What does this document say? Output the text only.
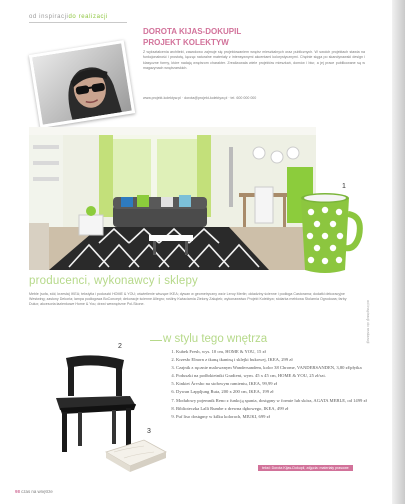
od inspiracjido realizacji
DOROTA KIJAS-DOKUPIL
PROJEKT KOLEKTYW
Z wykształcenia architekt, zawodowo zajmuje się projektowaniem wnętrz mieszkalnych oraz publicznych. W swoich projektach stawia na funkcjonalność i prostotę, łącząc naturalne materiały z intensywnymi akcentami kolorystycznymi. Chętnie sięga po skandynawski design i klasyczne formy, które nadają wnętrzom charakter. Zrealizowała wiele projektów mieszkań, domów i biur, a jej prace publikowane są w magazynach wnętrzarskich.
www.projekt-kolektyw.pl · dorota@projekt-kolektyw.pl · tel. 600 000 000
1
producenci, wykonawcy i sklepy
Meble (sofa, stół, krzesła) IKEA; tekstylia i poduszki HOME & YOU; oświetlenie wiszące IKEA; dywan w geometryczny wzór Leroy Merlin; okładziny ścienne i podłoga Castorama; dodatki dekoracyjne Westwing; zasłony Dekoria; lampa podłogowa BoConcept; dekoracje ścienne Allegro; rośliny Kwiaciarnia Zielony Zakątek; wykonawstwo Projekt Kolektyw; stolarka meblowa Stolarnia Ogrodowa; farby Dulux; akcesoria łazienkowe Home & You; drzwi wewnętrzne Pol-Skone.	od inspiracji do realizacji
w stylu tego wnętrza
1. Kubek Fresh, wys. 10 cm, HOME & YOU, 15 zł
2. Krzesło Elnorn z tkaną tkaniną i sklejki bukowej, IKEA, 299 zł
3. Czajnik z ręcznie malowanym Wandersandem, kolor 38 Chrome, VANDERSANDEN, 3,80 zł/płytka
4. Poduszki na podłokietniki Gradient, wym. 45 x 45 cm, HOME & YOU, 25 zł/szt.
5. Kinkiet Ärvsbo na stołowym ramieniu, IKEA, 99,99 zł
6. Dywan Lappljung Ruta, 200 x 200 cm, IKEA, 199 zł
7. Modułowy pojemnik Reno z funkcją spania, dostępny w formie lub skóra, AGATA MEBLE, od 1499 zł
8. Biblioteczka Lalli Rumbe z drewna dębowego, IKEA, 499 zł
9. Puf liso dostępny w kilku kolorach, MIUKI, 699 zł
2
3
tekst: Dorota Kijas-Dokupil, zdjęcia: materiały prasowe
98 czas na wnętrze
